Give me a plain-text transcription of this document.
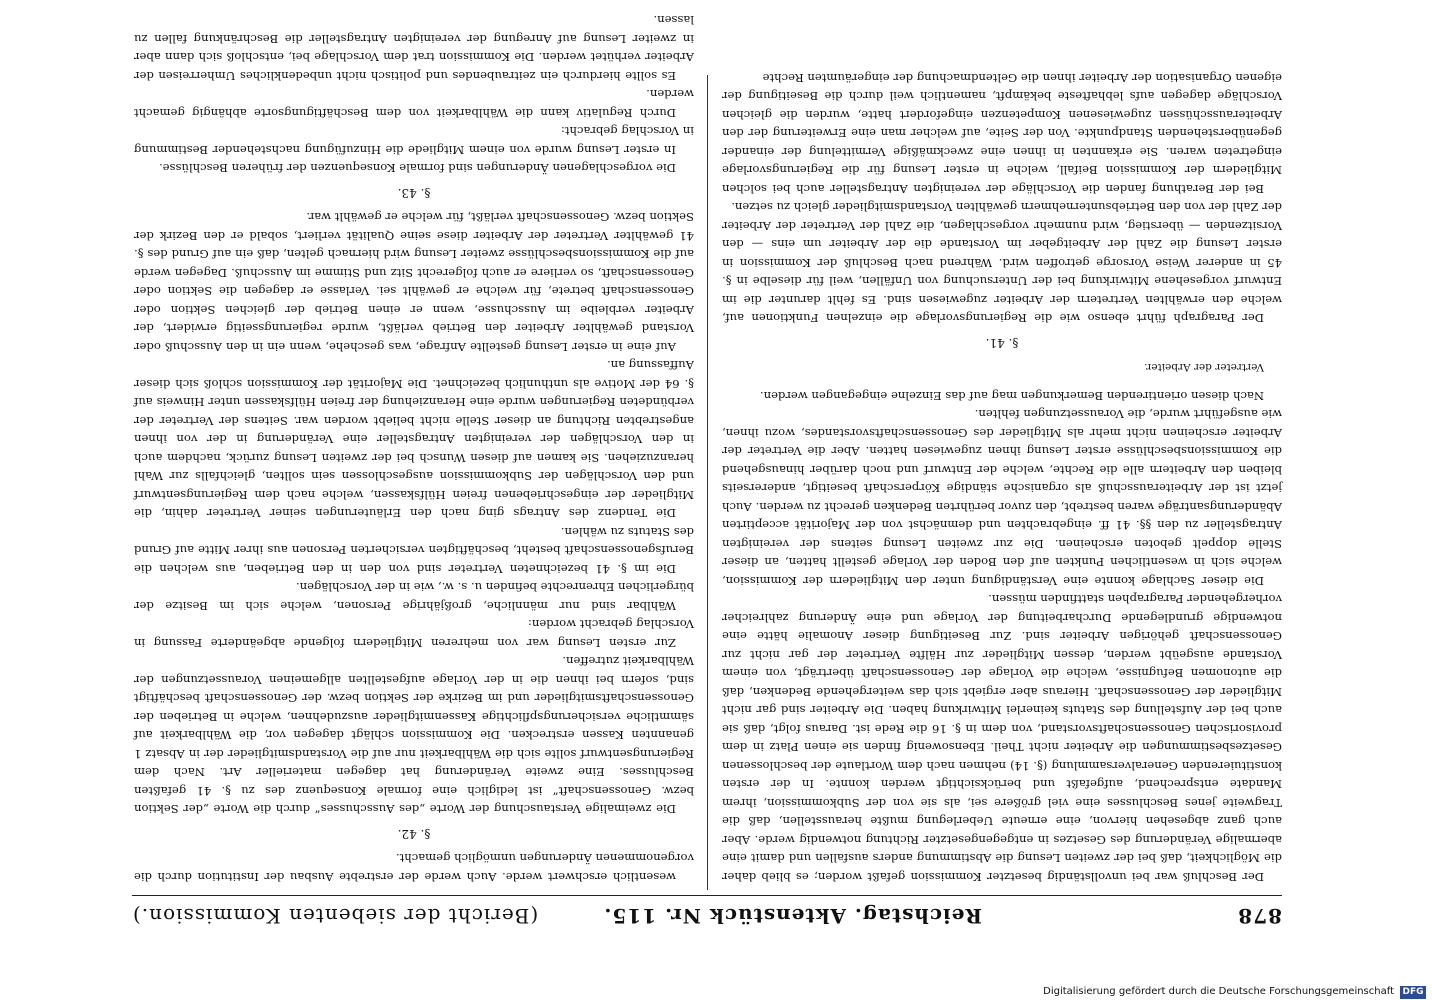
878
Reichstag. Aktenstück Nr. 115.
(Bericht der siebenten Kommission.)

Der Beschluß war bei unvollständig besetzter Kommission gefaßt worden; es blieb daher die Möglichkeit, daß bei der zweiten Lesung die Abstimmung anders ausfallen und damit eine abermalige Veränderung des Gesetzes in entgegengesetzter Richtung notwendig werde. Aber auch ganz abgesehen hiervon, eine erneute Ueberlegung mußte herausstellen, daß die Tragweite jenes Beschlusses eine viel größere sei, als sie von der Subkommission, ihrem Mandate entsprechend, aufgefaßt und berücksichtigt werden konnte. In der ersten konstituierenden Generalversammlung (§. 14) nehmen nach dem Wortlaute der beschlossenen Gesetzesbestimmungen die Arbeiter nicht Theil. Ebensowenig finden sie einen Platz in dem provisorischen Genossenschaftsvorstand, von dem in §. 16 die Rede ist. Daraus folgt, daß sie auch bei der Aufstellung des Statuts keinerlei Mitwirkung haben. Die Arbeiter sind gar nicht Mitglieder der Genossenschaft. Hieraus aber ergiebt sich das weitergehende Bedenken, daß die autonomen Befugnisse, welche die Vorlage der Genossenschaft überträgt, von einem Vorstande ausgeübt werden, dessen Mitglieder zur Hälfte Vertreter der gar nicht zur Genossenschaft gehörigen Arbeiter sind. Zur Beseitigung dieser Anomalie hätte eine notwendige grundlegende Durcharbeitung der Vorlage und eine Änderung zahlreicher vorhergehender Paragraphen stattfinden müssen.

Die dieser Sachlage konnte eine Verständigung unter den Mitgliedern der Kommission, welche sich in wesentlichen Punkten auf den Boden der Vorlage gestellt hatten, an dieser Stelle doppelt geboten erscheinen. Die zur zweiten Lesung seitens der vereinigten Antragsteller zu den §§. 41 ff. eingebrachten und demnächst von der Majorität acceptirten Abänderungsanträge waren bestrebt, den zuvor berührten Bedenken gerecht zu werden. Auch jetzt ist der Arbeiterausschuß als organische ständige Körperschaft beseitigt, andererseits bleiben den Arbeitern alle die Rechte, welche der Entwurf und noch darüber hinausgehend die Kommissionsbeschlüsse erster Lesung ihnen zugewiesen hatten. Aber die Vertreter der Arbeiter erscheinen nicht mehr als Mitglieder des Genossenschaftsvorstandes, wozu ihnen, wie ausgeführt wurde, die Voraussetzungen fehlten.

Nach diesen orientirenden Bemerkungen mag auf das Einzelne eingegangen werden.

Vertreter der Arbeiter.

§. 41.

Der Paragraph führt ebenso wie die Regierungsvorlage die einzelnen Funktionen auf, welche den erwählten Vertretern der Arbeiter zugewiesen sind. Es fehlt darunter die im Entwurf vorgesehene Mitwirkung bei der Untersuchung von Unfällen, weil für dieselbe in §. 45 in anderer Weise Vorsorge getroffen wird. Während nach Beschluß der Kommission in erster Lesung die Zahl der Arbeitgeber im Vorstande die der Arbeiter um eins — den Vorsitzenden — überstieg, wird nunmehr vorgeschlagen, die Zahl der Vertreter der Arbeiter der Zahl der von den Betriebsunternehmern gewählten Vorstandsmitglieder gleich zu setzen.

Bei der Berathung fanden die Vorschläge der vereinigten Antragsteller auch bei solchen Mitgliedern der Kommission Beifall, welche in erster Lesung für die Regierungsvorlage eingetreten waren. Sie erkannten in ihnen eine zweckmäßige Vermittelung der einander gegenüberstehenden Standpunkte. Von der Seite, auf welcher man eine Erweiterung der den Arbeiterausschüssen zugewiesenen Kompetenzen eingefordert hatte, wurden die gleichen Vorschläge dagegen aufs lebhafteste bekämpft, namentlich weil durch die Beseitigung der eigenen Organisation der Arbeiter ihnen die Geltendmachung der eingeräumten Rechte

wesentlich erschwert werde. Auch werde der erstrebte Ausbau der Institution durch die vorgenommenen Änderungen unmöglich gemacht.

§. 42.

Die zweimalige Verstauschung der Worte „des Ausschusses“ durch die Worte „der Sektion bezw. Genossenschaft“ ist lediglich eine formale Konsequenz des zu §. 41 gefaßten Beschlusses. Eine zweite Veränderung hat dagegen materieller Art. Nach dem Regierungsentwurf sollte sich die Wählbarkeit nur auf die Vorstandsmitglieder der in Absatz 1 genannten Kassen erstrecken. Die Kommission schlägt dagegen vor, die Wählbarkeit auf sämmtliche versicherungspflichtige Kassenmitglieder auszudehnen, welche in Betrieben der Genossenschaftsmitglieder und im Bezirke der Sektion bezw. der Genossenschaft beschäftigt sind, sofern bei ihnen die in der Vorlage aufgestellten allgemeinen Voraussetzungen der Wählbarkeit zutreffen.

Zur ersten Lesung war von mehreren Mitgliedern folgende abgeänderte Fassung in Vorschlag gebracht worden:

Wählbar sind nur männliche, großjährige Personen, welche sich im Besitze der bürgerlichen Ehrenrechte befinden u. s. w., wie in der Vorschlägen.

Die im §. 41 bezeichneten Vertreter sind von den in den Betrieben, aus welchen die Berufsgenossenschaft besteht, beschäftigten versicherten Personen aus ihrer Mitte auf Grund des Statuts zu wählen.

Die Tendenz des Antrags ging nach den Erläuterungen seiner Vertreter dahin, die Mitglieder der eingeschriebenen freien Hülfskassen, welche nach dem Regierungsentwurf und den Vorschlägen der Subkommission ausgeschlossen sein sollten, gleichfalls zur Wahl heranzuziehen. Sie kamen auf diesen Wunsch bei der zweiten Lesung zurück, nachdem auch in den Vorschlägen der vereinigten Antragsteller eine Veränderung in der von ihnen angestrebten Richtung an dieser Stelle nicht beliebt worden war. Seitens der Vertreter der verbündeten Regierungen wurde eine Heranziehung der freien Hülfskassen unter Hinweis auf §. 64 der Motive als unthunlich bezeichnet. Die Majorität der Kommission schloß sich dieser Auffassung an.

Auf eine in erster Lesung gestellte Anfrage, was geschehe, wenn ein in den Ausschuß oder Vorstand gewählter Arbeiter den Betrieb verläßt, wurde regierungsseitig erwidert, der Arbeiter verbleibe im Ausschusse, wenn er einen Betrieb der gleichen Sektion oder Genossenschaft betrete, für welche er gewählt sei. Verlasse er dagegen die Sektion oder Genossenschaft, so verliere er auch folgerecht Sitz und Stimme im Ausschuß. Dagegen werde auf die Kommissionsbeschlüsse zweiter Lesung wird hiernach gelten, daß ein auf Grund des §. 41 gewählter Vertreter der Arbeiter diese seine Qualität verliert, sobald er den Bezirk der Sektion bezw. Genossenschaft verläßt, für welche er gewählt war.

§. 43.

Die vorgeschlagenen Änderungen sind formale Konsequenzen der früheren Beschlüsse.

In erster Lesung wurde von einem Mitgliede die Hinzufügung nachstehender Bestimmung in Vorschlag gebracht:

Durch Regulativ kann die Wählbarkeit von dem Beschäftigungsorte abhängig gemacht werden.

Es sollte hierdurch ein zeitraubendes und politisch nicht unbedenkliches Umherreisen der Arbeiter verhütet werden. Die Kommission trat dem Vorschlage bei, entschloß sich dann aber in zweiter Lesung auf Anregung der vereinigten Antragsteller die Beschränkung fallen zu lassen.

Digitalisierung gefördert durch die Deutsche Forschungsgemeinschaft DFG
